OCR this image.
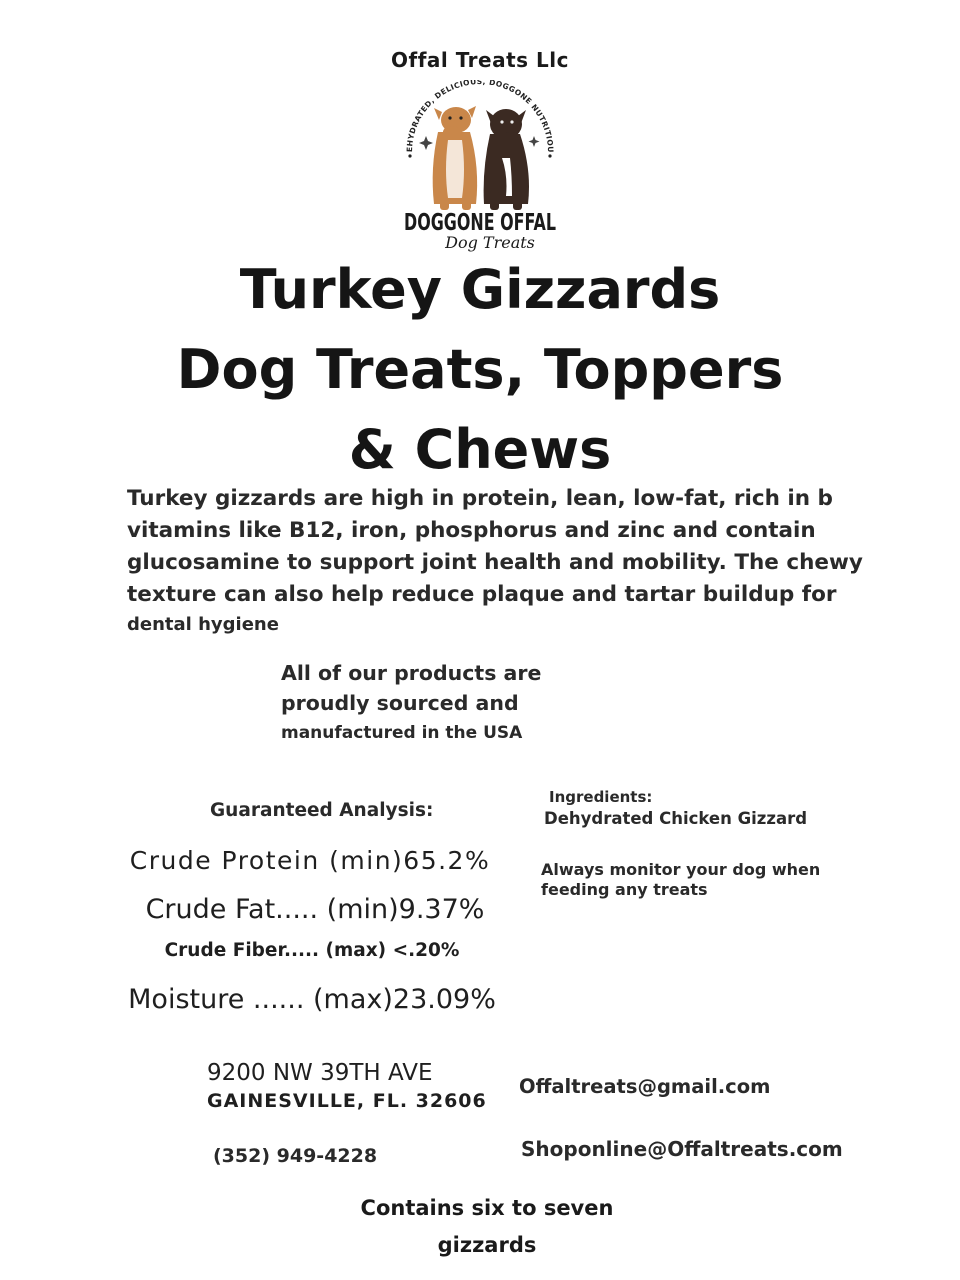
Offal Treats Llc
EHYDRATED, DELICIOUS, DOGGONE NUTRITIOU
DOGGONE OFFAL
Dog Treats
Turkey Gizzards
Dog Treats, Toppers
& Chews
Turkey gizzards are high in protein, lean, low-fat, rich in b
vitamins like B12, iron, phosphorus and zinc and contain
glucosamine to support joint health and mobility. The chewy
texture can also help reduce plaque and tartar buildup for
dental hygiene
All of our products are
proudly sourced and
manufactured in the USA
Guaranteed Analysis:
Crude Protein (min)65.2%
Crude Fat..... (min)9.37%
Crude Fiber..... (max) <.20%
Moisture ...... (max)23.09%
Ingredients:
Dehydrated Chicken Gizzard
Always monitor your dog when
feeding any treats
9200 NW 39TH AVE
GAINESVILLE, FL. 32606
(352) 949-4228
Offaltreats@gmail.com
Shoponline@Offaltreats.com
Contains six to seven
gizzards
